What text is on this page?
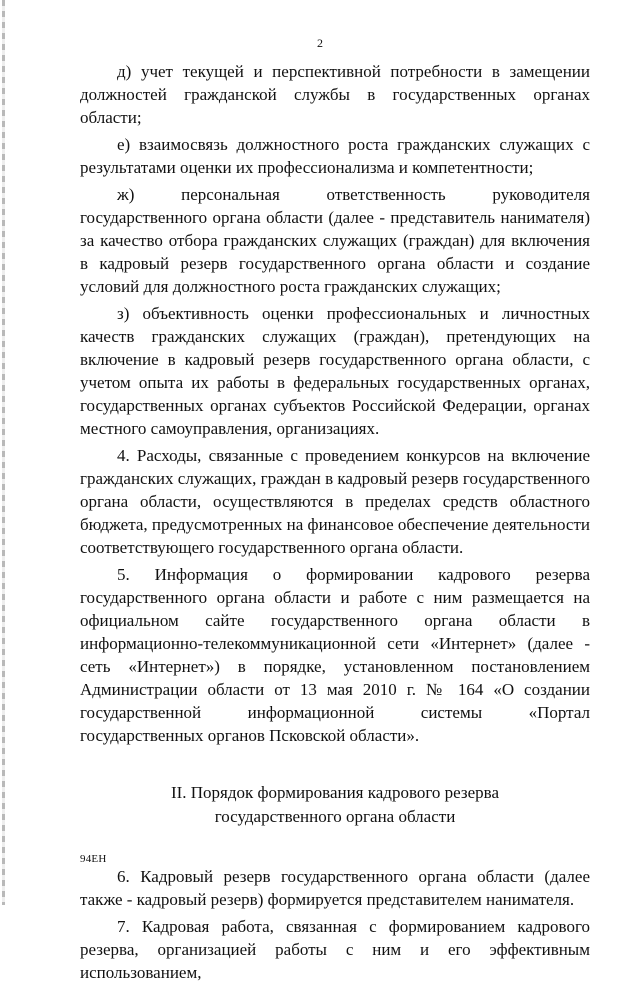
2

д) учет текущей и перспективной потребности в замещении должностей гражданской службы в государственных органах области;

е) взаимосвязь должностного роста гражданских служащих с результатами оценки их профессионализма и компетентности;

ж) персональная ответственность руководителя государственного органа области (далее - представитель нанимателя) за качество отбора гражданских служащих (граждан) для включения в кадровый резерв государственного органа области и создание условий для должностного роста гражданских служащих;

з) объективность оценки профессиональных и личностных качеств гражданских служащих (граждан), претендующих на включение в кадровый резерв государственного органа области, с учетом опыта их работы в федеральных государственных органах, государственных органах субъектов Российской Федерации, органах местного самоуправления, организациях.

4. Расходы, связанные с проведением конкурсов на включение гражданских служащих, граждан в кадровый резерв государственного органа области, осуществляются в пределах средств областного бюджета, предусмотренных на финансовое обеспечение деятельности соответствующего государственного органа области.

5. Информация о формировании кадрового резерва государственного органа области и работе с ним размещается на официальном сайте государственного органа области в информационно-телекоммуникационной сети «Интернет» (далее - сеть «Интернет») в порядке, установленном постановлением Администрации области от 13 мая 2010 г. № 164 «О создании государственной информационной системы «Портал государственных органов Псковской области».

II. Порядок формирования кадрового резерва
государственного органа области

6. Кадровый резерв государственного органа области (далее также - кадровый резерв) формируется представителем нанимателя.

7. Кадровая работа, связанная с формированием кадрового резерва, организацией работы с ним и его эффективным использованием,

94ЕН
